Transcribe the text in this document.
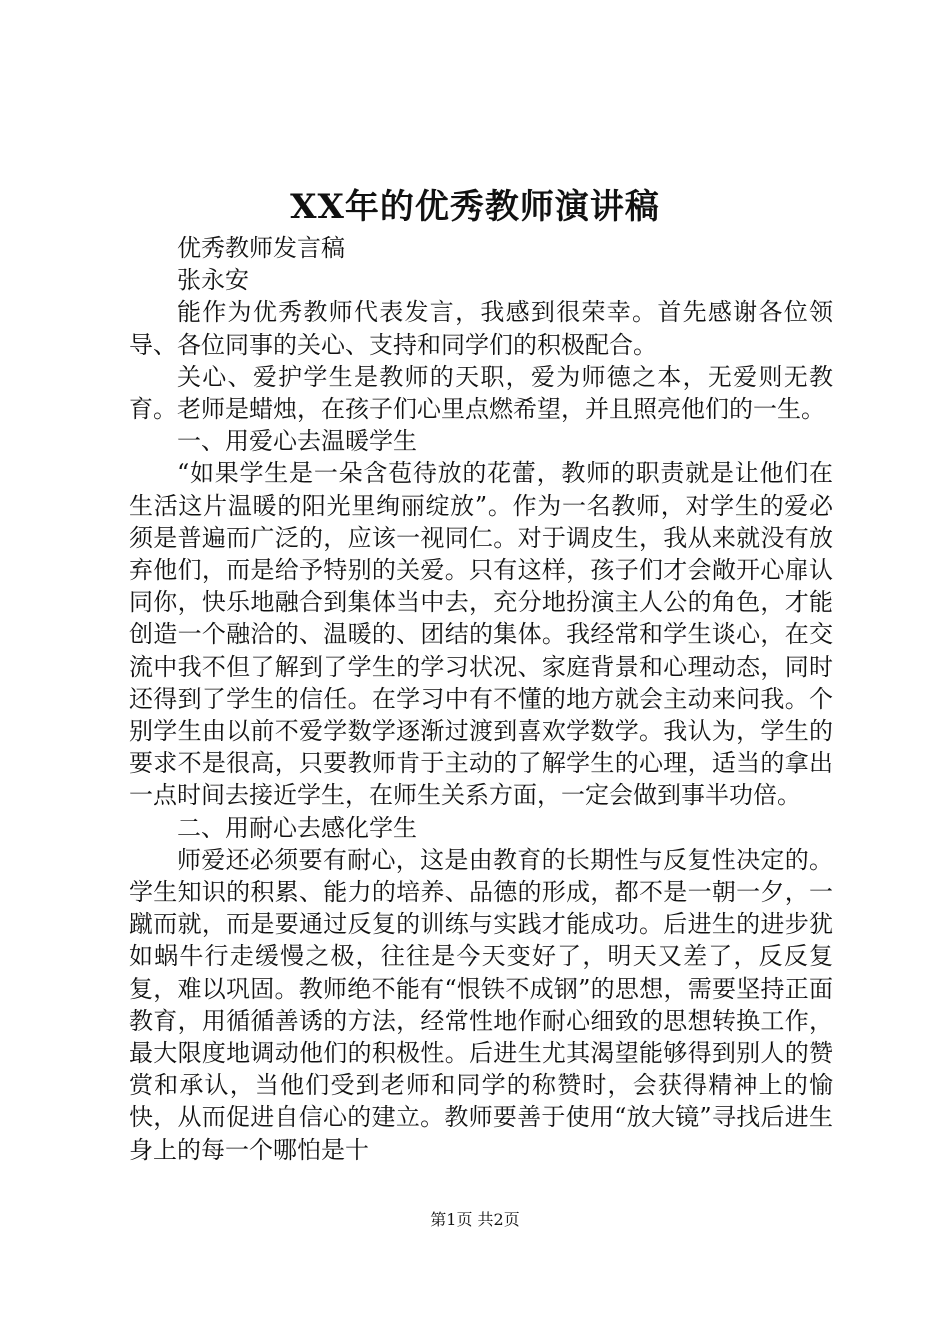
XX年的优秀教师演讲稿

优秀教师发言稿

张永安

能作为优秀教师代表发言，我感到很荣幸。首先感谢各位领导、各位同事的关心、支持和同学们的积极配合。

关心、爱护学生是教师的天职，爱为师德之本，无爱则无教育。老师是蜡烛，在孩子们心里点燃希望，并且照亮他们的一生。

一、用爱心去温暖学生

“如果学生是一朵含苞待放的花蕾，教师的职责就是让他们在生活这片温暖的阳光里绚丽绽放”。作为一名教师，对学生的爱必须是普遍而广泛的，应该一视同仁。对于调皮生，我从来就没有放弃他们，而是给予特别的关爱。只有这样，孩子们才会敞开心扉认同你，快乐地融合到集体当中去，充分地扮演主人公的角色，才能创造一个融洽的、温暖的、团结的集体。我经常和学生谈心，在交流中我不但了解到了学生的学习状况、家庭背景和心理动态，同时还得到了学生的信任。在学习中有不懂的地方就会主动来问我。个别学生由以前不爱学数学逐渐过渡到喜欢学数学。我认为，学生的要求不是很高，只要教师肯于主动的了解学生的心理，适当的拿出一点时间去接近学生，在师生关系方面，一定会做到事半功倍。

二、用耐心去感化学生

师爱还必须要有耐心，这是由教育的长期性与反复性决定的。学生知识的积累、能力的培养、品德的形成，都不是一朝一夕，一蹴而就，而是要通过反复的训练与实践才能成功。后进生的进步犹如蜗牛行走缓慢之极，往往是今天变好了，明天又差了，反反复复，难以巩固。教师绝不能有“恨铁不成钢”的思想，需要坚持正面教育，用循循善诱的方法，经常性地作耐心细致的思想转换工作，最大限度地调动他们的积极性。后进生尤其渴望能够得到别人的赞赏和承认，当他们受到老师和同学的称赞时，会获得精神上的愉快，从而促进自信心的建立。教师要善于使用“放大镜”寻找后进生身上的每一个哪怕是十

第1页 共2页
